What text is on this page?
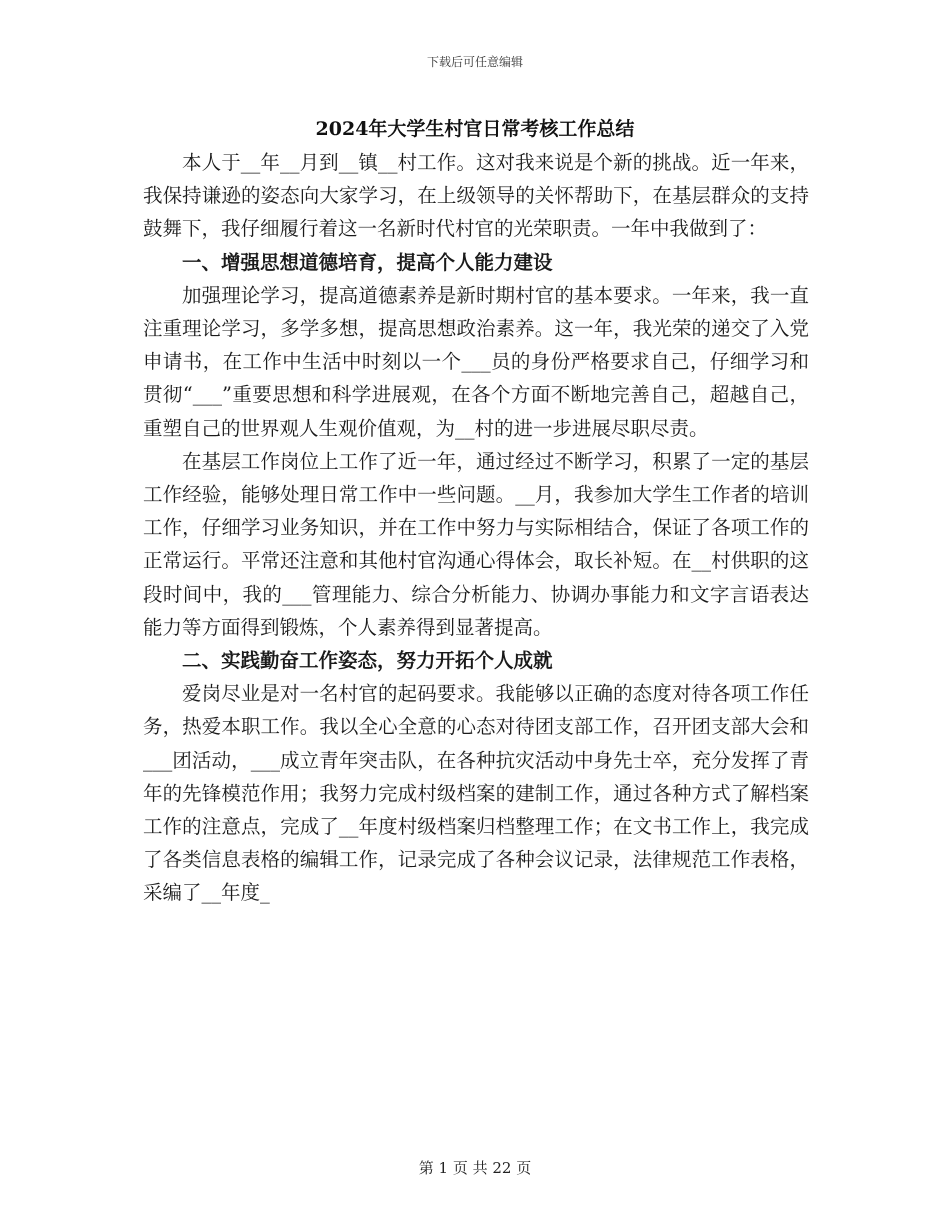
下载后可任意编辑
2024年大学生村官日常考核工作总结

本人于__年__月到__镇__村工作。这对我来说是个新的挑战。近一年来，我保持谦逊的姿态向大家学习，在上级领导的关怀帮助下，在基层群众的支持鼓舞下，我仔细履行着这一名新时代村官的光荣职责。一年中我做到了：

一、增强思想道德培育，提高个人能力建设

加强理论学习，提高道德素养是新时期村官的基本要求。一年来，我一直注重理论学习，多学多想，提高思想政治素养。这一年，我光荣的递交了入党申请书，在工作中生活中时刻以一个___员的身份严格要求自己，仔细学习和贯彻“___”重要思想和科学进展观，在各个方面不断地完善自己，超越自己，重塑自己的世界观人生观价值观，为__村的进一步进展尽职尽责。

在基层工作岗位上工作了近一年，通过经过不断学习，积累了一定的基层工作经验，能够处理日常工作中一些问题。__月，我参加大学生工作者的培训工作，仔细学习业务知识，并在工作中努力与实际相结合，保证了各项工作的正常运行。平常还注意和其他村官沟通心得体会，取长补短。在__村供职的这段时间中，我的___管理能力、综合分析能力、协调办事能力和文字言语表达能力等方面得到锻炼，个人素养得到显著提高。

二、实践勤奋工作姿态，努力开拓个人成就

爱岗尽业是对一名村官的起码要求。我能够以正确的态度对待各项工作任务，热爱本职工作。我以全心全意的心态对待团支部工作，召开团支部大会和___团活动，___成立青年突击队，在各种抗灾活动中身先士卒，充分发挥了青年的先锋模范作用；我努力完成村级档案的建制工作，通过各种方式了解档案工作的注意点，完成了__年度村级档案归档整理工作；在文书工作上，我完成了各类信息表格的编辑工作，记录完成了各种会议记录，法律规范工作表格，采编了__年度_

第 1 页 共 22 页
